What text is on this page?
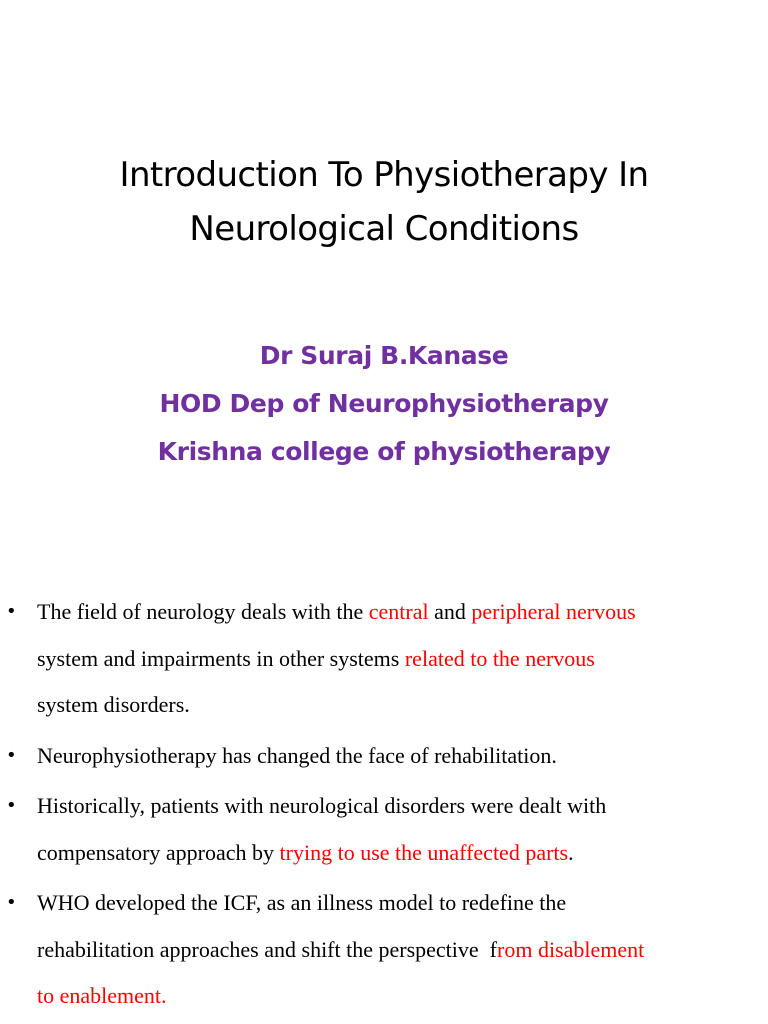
Introduction To Physiotherapy In
Neurological Conditions
Dr Suraj B.Kanase
HOD Dep of Neurophysiotherapy
Krishna college of physiotherapy
• The field of neurology deals with the central and peripheral nervous
system and impairments in other systems related to the nervous
system disorders.
• Neurophysiotherapy has changed the face of rehabilitation.
• Historically, patients with neurological disorders were dealt with
compensatory approach by trying to use the unaffected parts.
• WHO developed the ICF, as an illness model to redefine the
rehabilitation approaches and shift the perspective  from disablement
to enablement.
